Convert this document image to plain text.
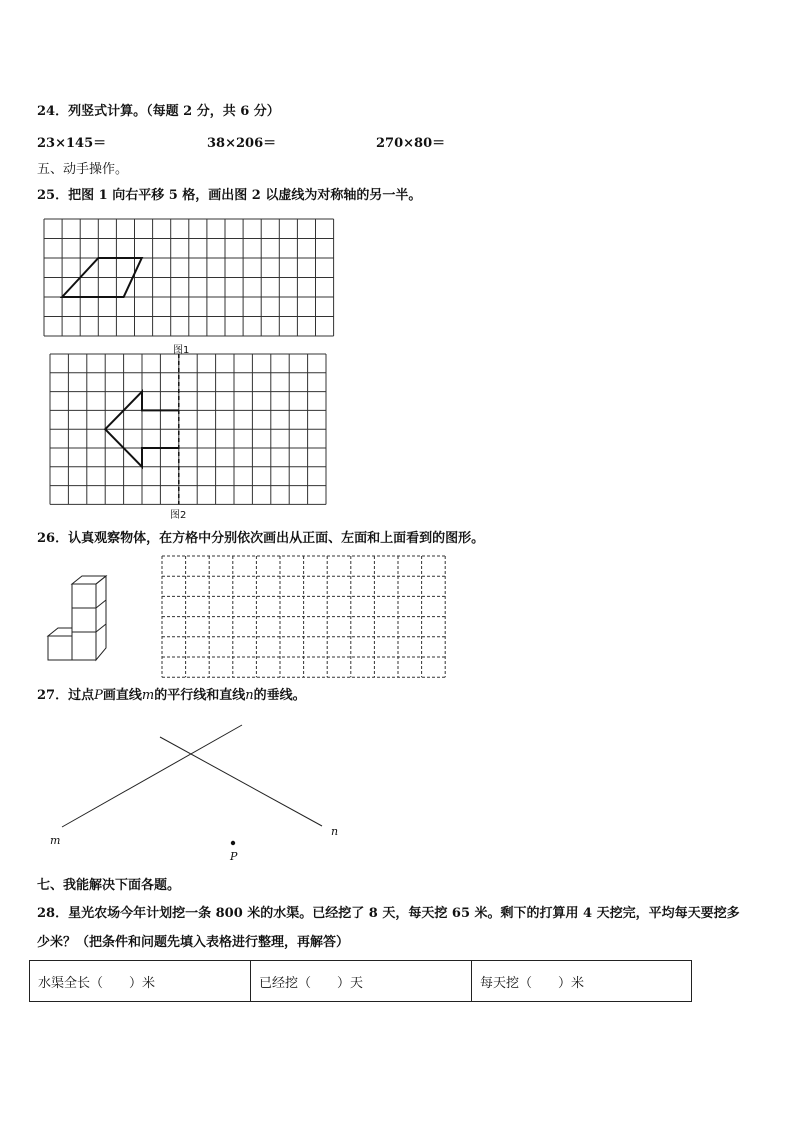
24．列竖式计算。（每题 2 分，共 6 分）
23×145＝	38×206＝	270×80＝
五、动手操作。
25．把图 1 向右平移 5 格，画出图 2 以虚线为对称轴的另一半。
图1
图2
26．认真观察物体，在方格中分别依次画出从正面、左面和上面看到的图形。
27．过点P画直线m的平行线和直线n的垂线。
m
n
P
七、我能解决下面各题。
28．星光农场今年计划挖一条 800 米的水渠。已经挖了 8 天，每天挖 65 米。剩下的打算用 4 天挖完，平均每天要挖多
少米？（把条件和问题先填入表格进行整理，再解答）
水渠全长（　　）米	已经挖（　　）天	每天挖（　　）米
